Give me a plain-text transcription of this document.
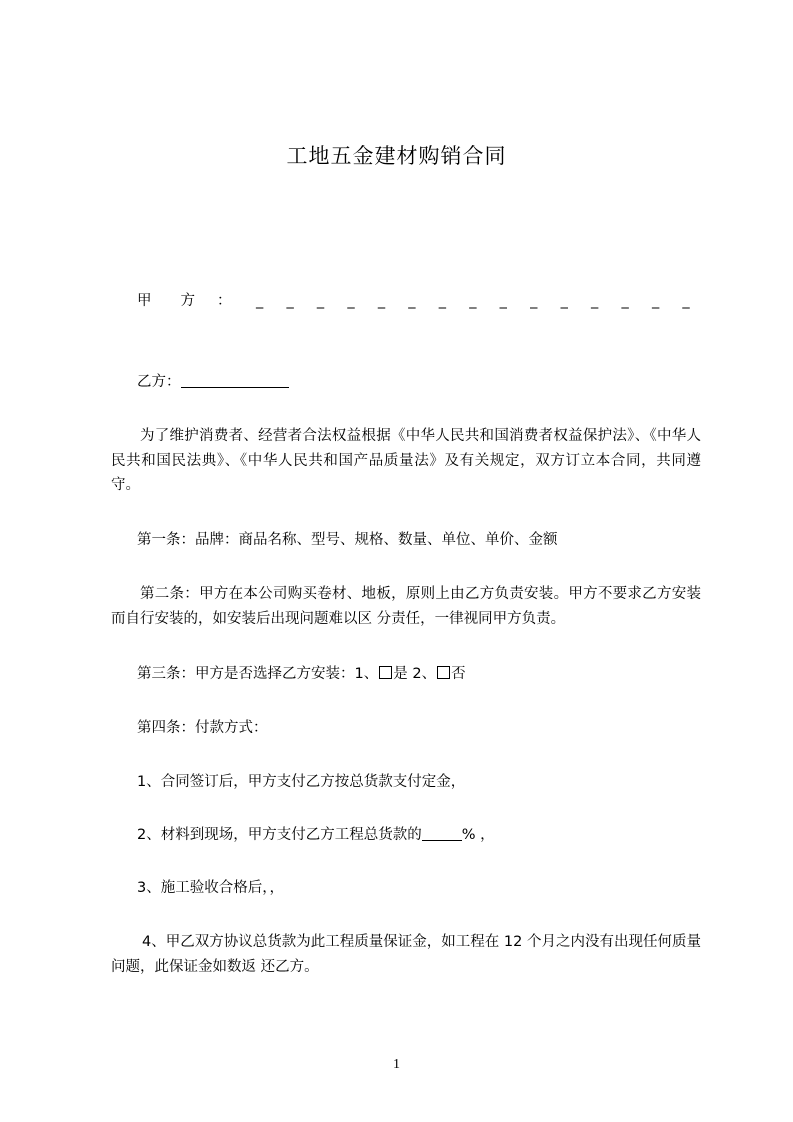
工地五金建材购销合同
甲 方 ： _ _ _ _ _ _ _ _ _ _ _ _ _ _ _
乙方：
为了维护消费者、经营者合法权益根据《中华人民共和国消费者权益保护法》、《中华人民共和国民法典》、《中华人民共和国产品质量法》及有关规定，双方订立本合同，共同遵守。
第一条：品牌：商品名称、型号、规格、数量、单位、单价、金额
第二条：甲方在本公司购买卷材、地板，原则上由乙方负责安装。甲方不要求乙方安装而自行安装的，如安装后出现问题难以区 分责任，一律视同甲方负责。
第三条：甲方是否选择乙方安装：1、 是 2、 否
第四条：付款方式：
1、合同签订后，甲方支付乙方按总货款支付定金，
2、材料到现场，甲方支付乙方工程总货款的	% ，
3、施工验收合格后，，
4、甲乙双方协议总货款为此工程质量保证金，如工程在 12 个月之内没有出现任何质量问题，此保证金如数返 还乙方。
1
